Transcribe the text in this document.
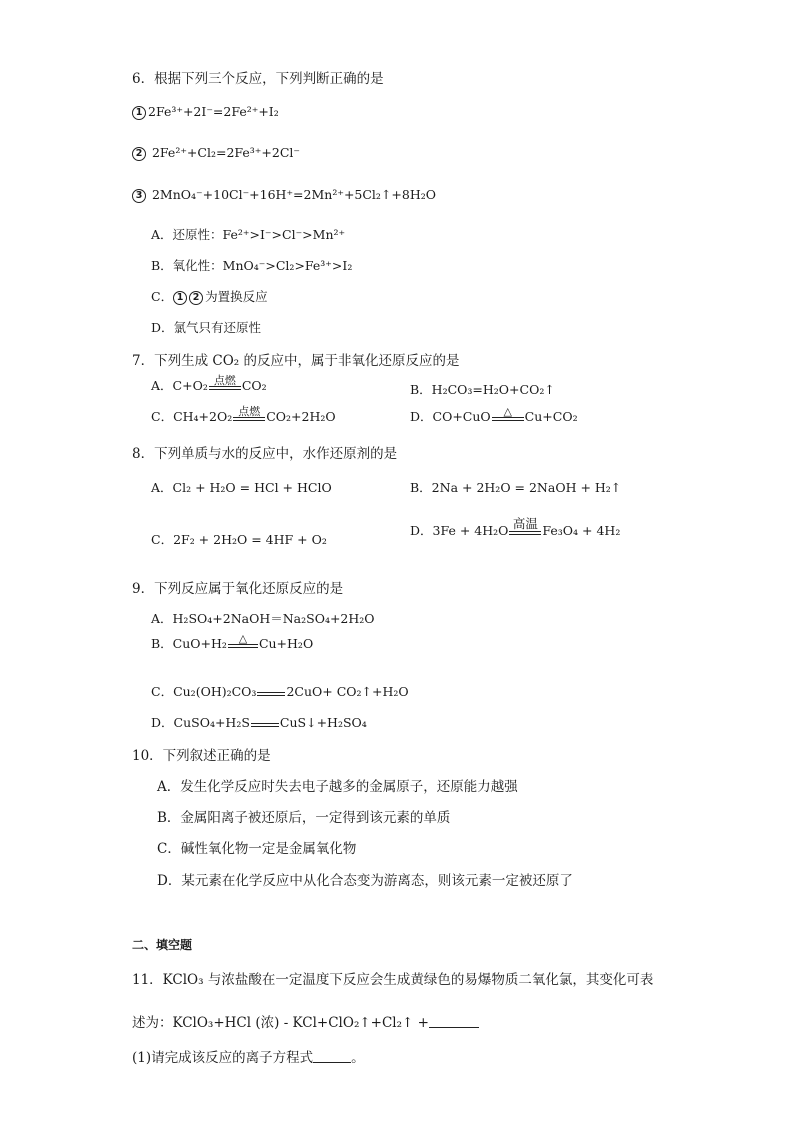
6．根据下列三个反应，下列判断正确的是
1 2Fe³⁺+2I⁻=2Fe²⁺+I₂
2 2Fe²⁺+Cl₂=2Fe³⁺+2Cl⁻
3 2MnO₄⁻+10Cl⁻+16H⁺=2Mn²⁺+5Cl₂↑+8H₂O
A．还原性：Fe²⁺>I⁻>Cl⁻>Mn²⁺
B．氧化性：MnO₄⁻>Cl₂>Fe³⁺>I₂
C． 1 2 为置换反应
D．氯气只有还原性
7．下列生成 CO₂ 的反应中，属于非氧化还原反应的是
A．C+O₂ 点燃 CO₂	B．H₂CO₃=H₂O+CO₂↑
C．CH₄+2O₂ 点燃 CO₂+2H₂O	D．CO+CuO	△	Cu+CO₂
8．下列单质与水的反应中，水作还原剂的是
A．Cl₂ + H₂O = HCl + HClO	B．2Na + 2H₂O = 2NaOH + H₂↑
C．2F₂ + 2H₂O = 4HF + O₂
D．3Fe + 4H₂O 高温 Fe₃O₄ + 4H₂
9．下列反应属于氧化还原反应的是
A．H₂SO₄+2NaOH＝Na₂SO₄+2H₂O
B．CuO+H₂	△ Cu+H₂O
C．Cu₂(OH)₂CO₃ 2CuO+ CO₂↑+H₂O
D．CuSO₄+H₂S CuS↓+H₂SO₄
10．下列叙述正确的是
A．发生化学反应时失去电子越多的金属原子，还原能力越强
B．金属阳离子被还原后，一定得到该元素的单质
C．碱性氧化物一定是金属氧化物
D．某元素在化学反应中从化合态变为游离态，则该元素一定被还原了
二、填空题
11．KClO₃ 与浓盐酸在一定温度下反应会生成黄绿色的易爆物质二氧化氯，其变化可表
述为：KClO₃+HCl (浓) - KCl+ClO₂↑+Cl₂↑ +
(1)请完成该反应的离子方程式	。
